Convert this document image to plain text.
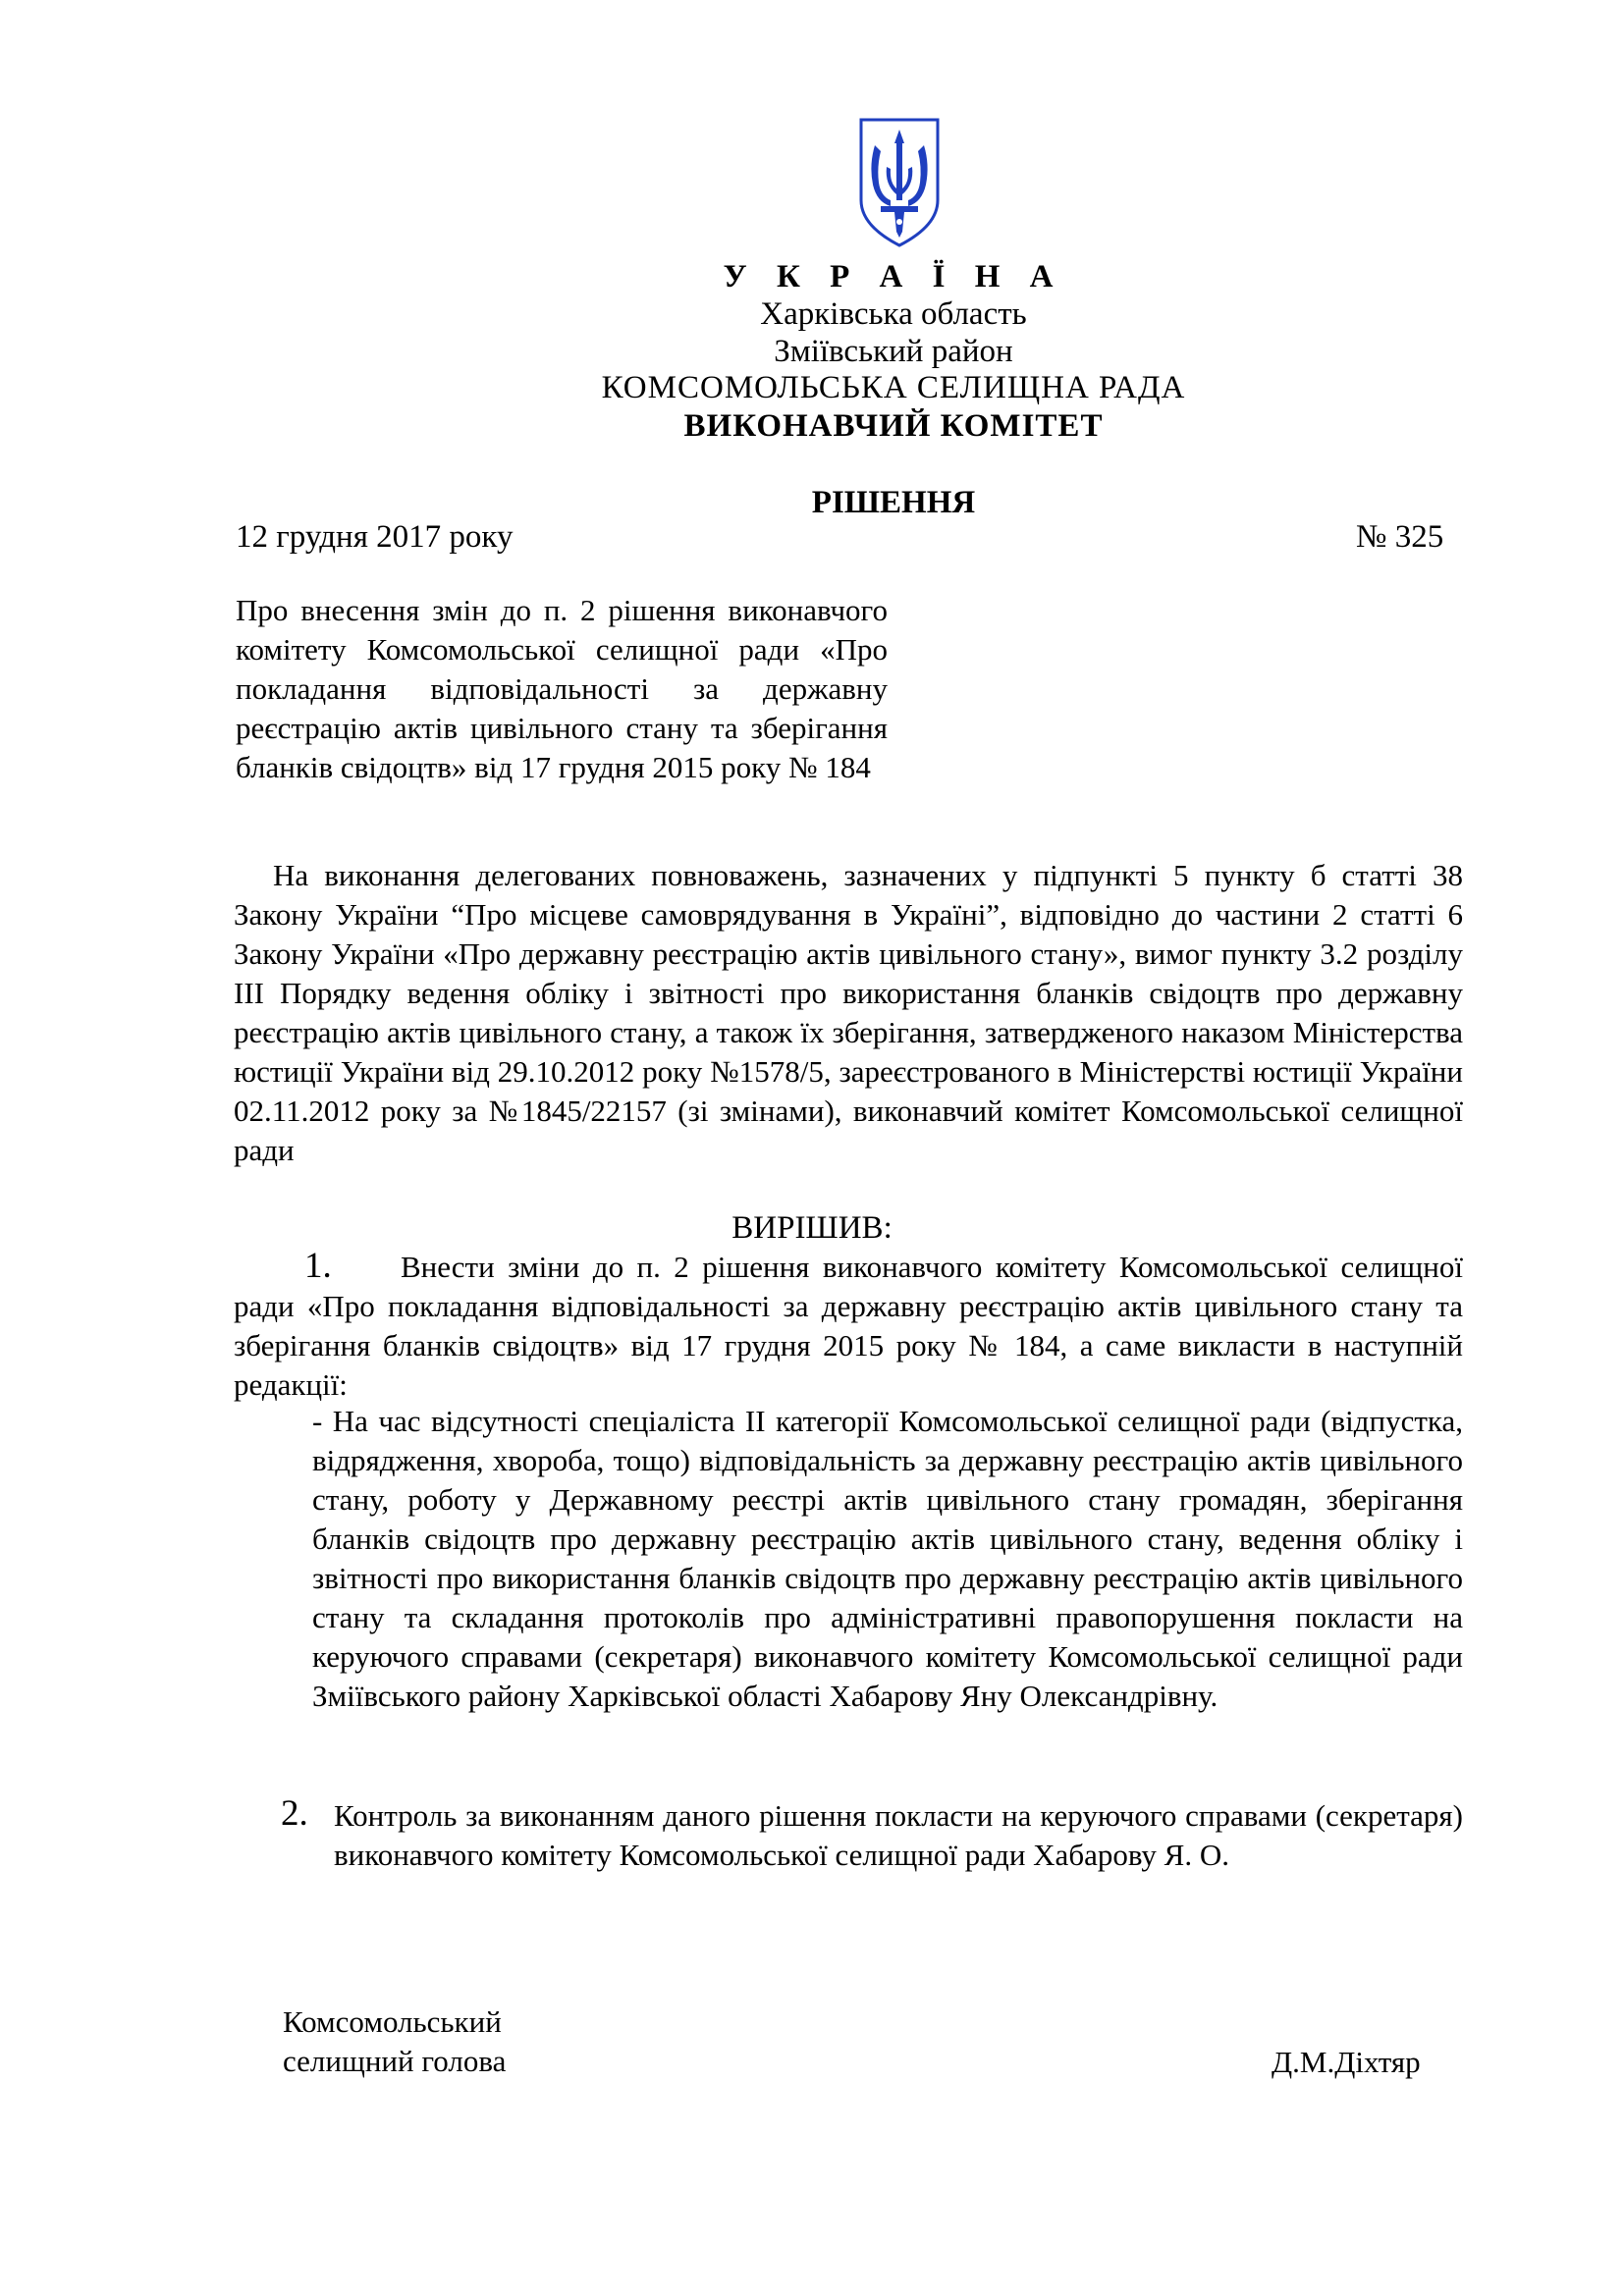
У К Р А Ї Н А
Харківська область
Зміївський район
КОМСОМОЛЬСЬКА СЕЛИЩНА РАДА
ВИКОНАВЧИЙ КОМІТЕТ
РІШЕННЯ
12 грудня 2017 року	№ 325
Про внесення змін до п. 2 рішення виконавчого комітету Комсомольської селищної ради «Про покладання відповідальності за державну реєстрацію актів цивільного стану та зберігання бланків свідоцтв» від 17 грудня 2015 року № 184
На виконання делегованих повноважень, зазначених у підпункті 5 пункту б статті 38 Закону України “Про місцеве самоврядування в Україні”, відповідно до частини 2 статті 6 Закону України «Про державну реєстрацію актів цивільного стану», вимог пункту 3.2 розділу ІІІ Порядку ведення обліку і звітності про використання бланків свідоцтв про державну реєстрацію актів цивільного стану, а також їх зберігання, затвердженого наказом Міністерства юстиції України від 29.10.2012 року №1578/5, зареєстрованого в Міністерстві юстиції України 02.11.2012 року за №1845/22157 (зі змінами), виконавчий комітет Комсомольської селищної ради
ВИРІШИВ:
1. Внести зміни до п. 2 рішення виконавчого комітету Комсомольської селищної ради «Про покладання відповідальності за державну реєстрацію актів цивільного стану та зберігання бланків свідоцтв» від 17 грудня 2015 року № 184, а саме викласти в наступній редакції:
- На час відсутності спеціаліста ІІ категорії Комсомольської селищної ради (відпустка, відрядження, хвороба, тощо) відповідальність за державну реєстрацію актів цивільного стану, роботу у Державному реєстрі актів цивільного стану громадян, зберігання бланків свідоцтв про державну реєстрацію актів цивільного стану, ведення обліку і звітності про використання бланків свідоцтв про державну реєстрацію актів цивільного стану та складання протоколів про адміністративні правопорушення покласти на керуючого справами (секретаря) виконавчого комітету Комсомольської селищної ради Зміївського району Харківської області Хабарову Яну Олександрівну.
2. Контроль за виконанням даного рішення покласти на керуючого справами (секретаря) виконавчого комітету Комсомольської селищної ради Хабарову Я. О.
Комсомольський
селищний голова	Д.М.Діхтяр
